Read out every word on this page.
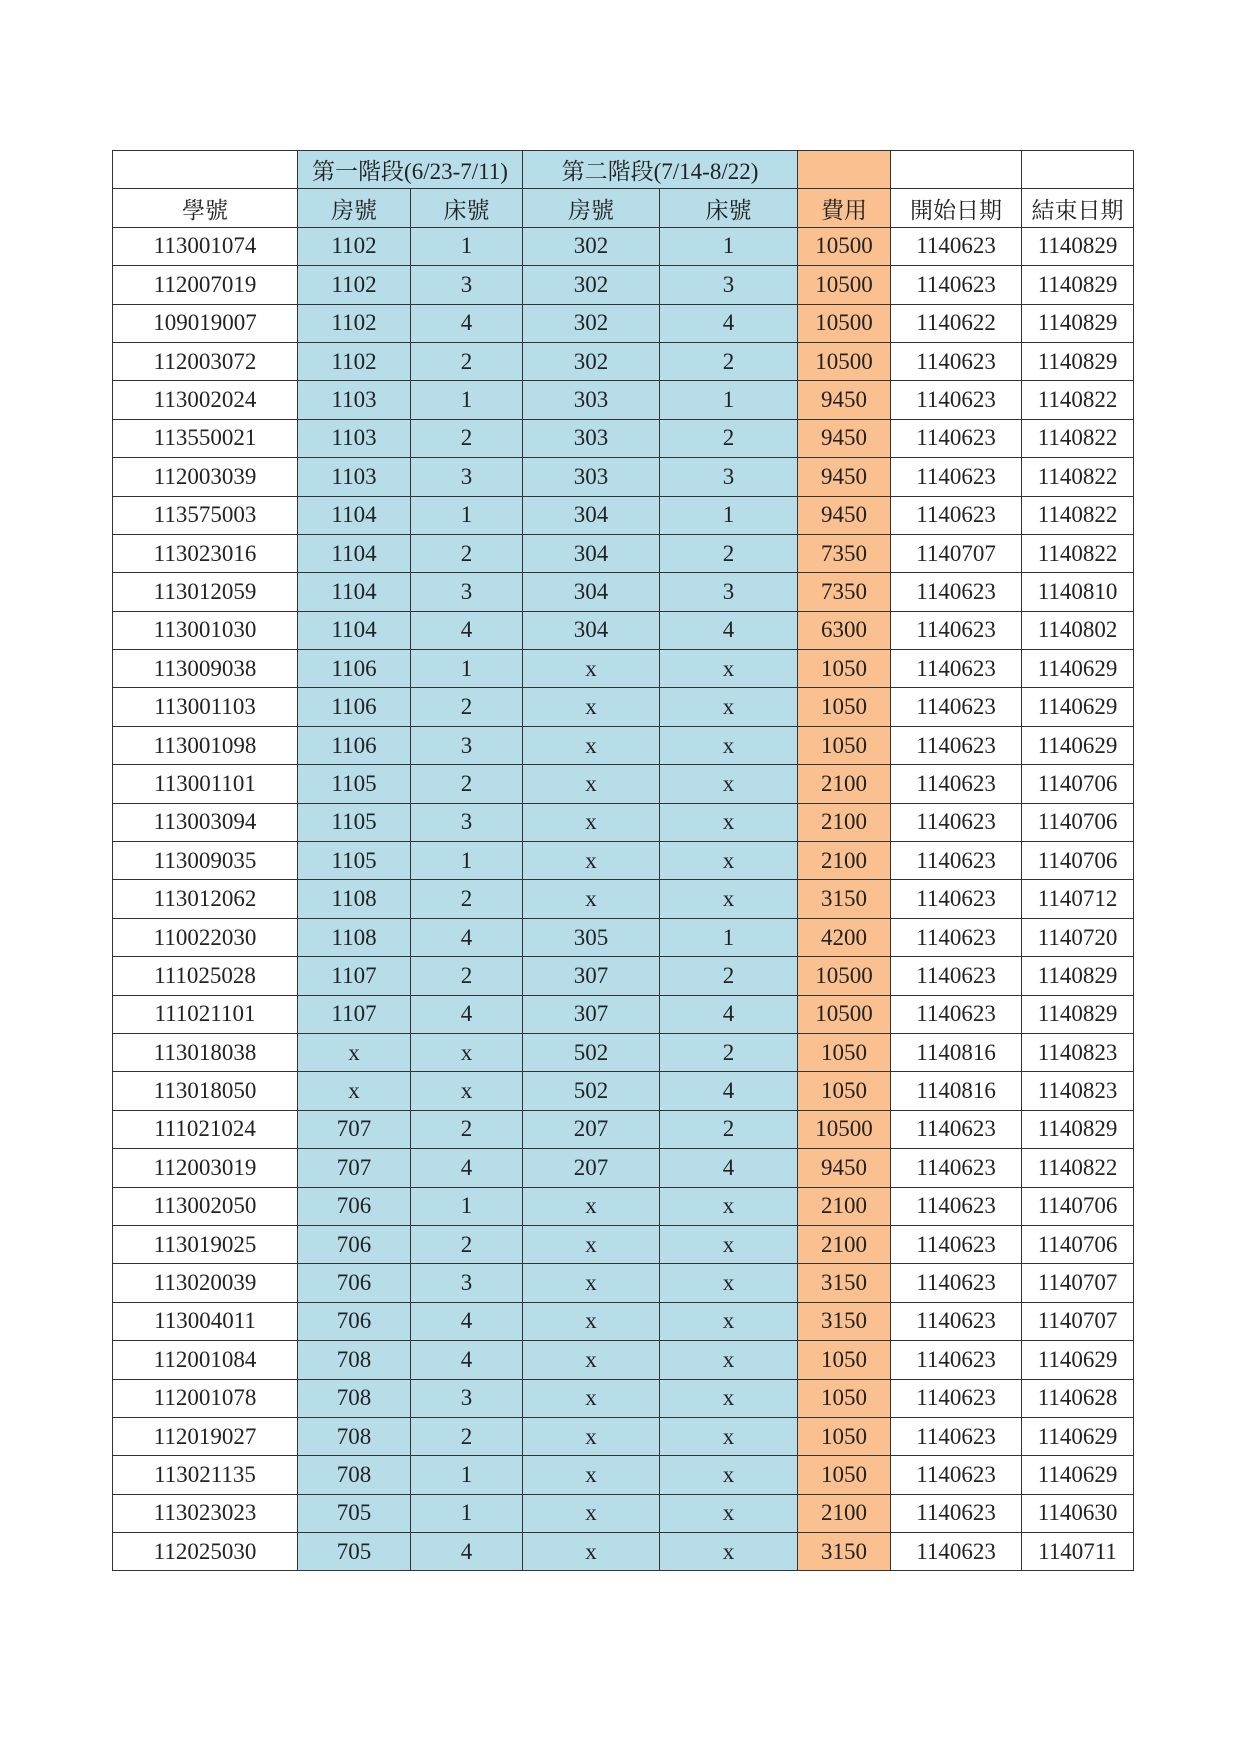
	第一階段(6/23-7/11)		第二階段(7/14-8/22)				
學號	房號	床號	房號	床號	費用	開始日期	結束日期
113001074	1102	1	302	1	10500	1140623	1140829
112007019	1102	3	302	3	10500	1140623	1140829
109019007	1102	4	302	4	10500	1140622	1140829
112003072	1102	2	302	2	10500	1140623	1140829
113002024	1103	1	303	1	9450	1140623	1140822
113550021	1103	2	303	2	9450	1140623	1140822
112003039	1103	3	303	3	9450	1140623	1140822
113575003	1104	1	304	1	9450	1140623	1140822
113023016	1104	2	304	2	7350	1140707	1140822
113012059	1104	3	304	3	7350	1140623	1140810
113001030	1104	4	304	4	6300	1140623	1140802
113009038	1106	1	x	x	1050	1140623	1140629
113001103	1106	2	x	x	1050	1140623	1140629
113001098	1106	3	x	x	1050	1140623	1140629
113001101	1105	2	x	x	2100	1140623	1140706
113003094	1105	3	x	x	2100	1140623	1140706
113009035	1105	1	x	x	2100	1140623	1140706
113012062	1108	2	x	x	3150	1140623	1140712
110022030	1108	4	305	1	4200	1140623	1140720
111025028	1107	2	307	2	10500	1140623	1140829
111021101	1107	4	307	4	10500	1140623	1140829
113018038	x	x	502	2	1050	1140816	1140823
113018050	x	x	502	4	1050	1140816	1140823
111021024	707	2	207	2	10500	1140623	1140829
112003019	707	4	207	4	9450	1140623	1140822
113002050	706	1	x	x	2100	1140623	1140706
113019025	706	2	x	x	2100	1140623	1140706
113020039	706	3	x	x	3150	1140623	1140707
113004011	706	4	x	x	3150	1140623	1140707
112001084	708	4	x	x	1050	1140623	1140629
112001078	708	3	x	x	1050	1140623	1140628
112019027	708	2	x	x	1050	1140623	1140629
113021135	708	1	x	x	1050	1140623	1140629
113023023	705	1	x	x	2100	1140623	1140630
112025030	705	4	x	x	3150	1140623	1140711
